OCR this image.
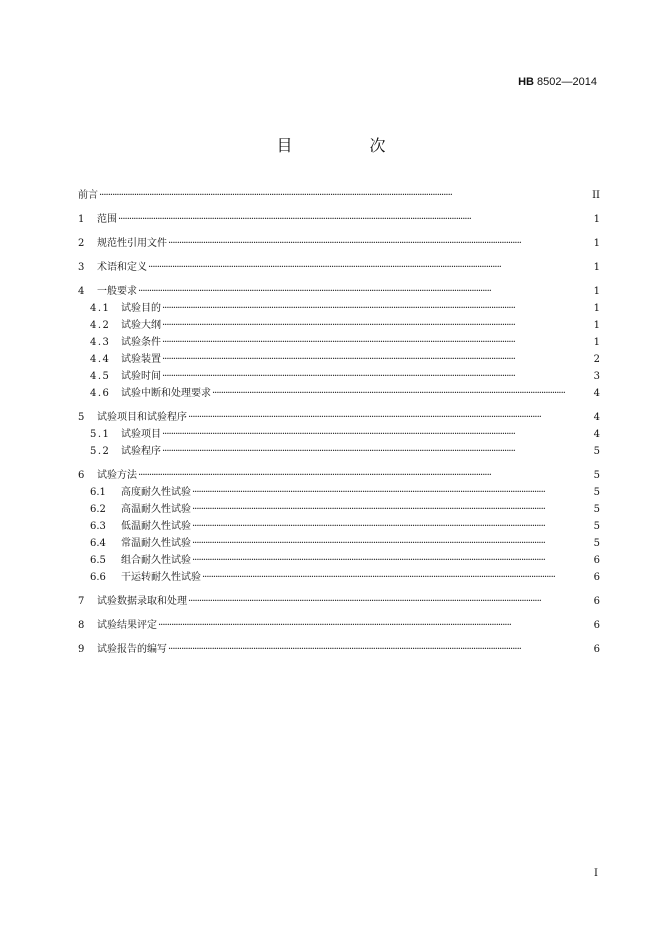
HB 8502—2014
目 次
前言 ·····	II
1	范围 ·····	1
2	规范性引用文件 ·····	1
3	术语和定义 ·····	1
4	一般要求 ·····	1
4.1	试验目的 ·····	1
4.2	试验大纲 ·····	1
4.3	试验条件 ·····	1
4.4	试验装置 ·····	2
4.5	试验时间 ·····	3
4.6	试验中断和处理要求 ·····	4
5	试验项目和试验程序 ·····	4
5.1	试验项目 ·····	4
5.2	试验程序 ·····	5
6	试验方法 ·····	5
6.1	高度耐久性试验 ·····	5
6.2	高温耐久性试验 ·····	5
6.3	低温耐久性试验 ·····	5
6.4	常温耐久性试验 ·····	5
6.5	组合耐久性试验 ·····	6
6.6	干运转耐久性试验 ·····	6
7	试验数据录取和处理 ·····	6
8	试验结果评定 ·····	6
9	试验报告的编写 ·····	6
I
